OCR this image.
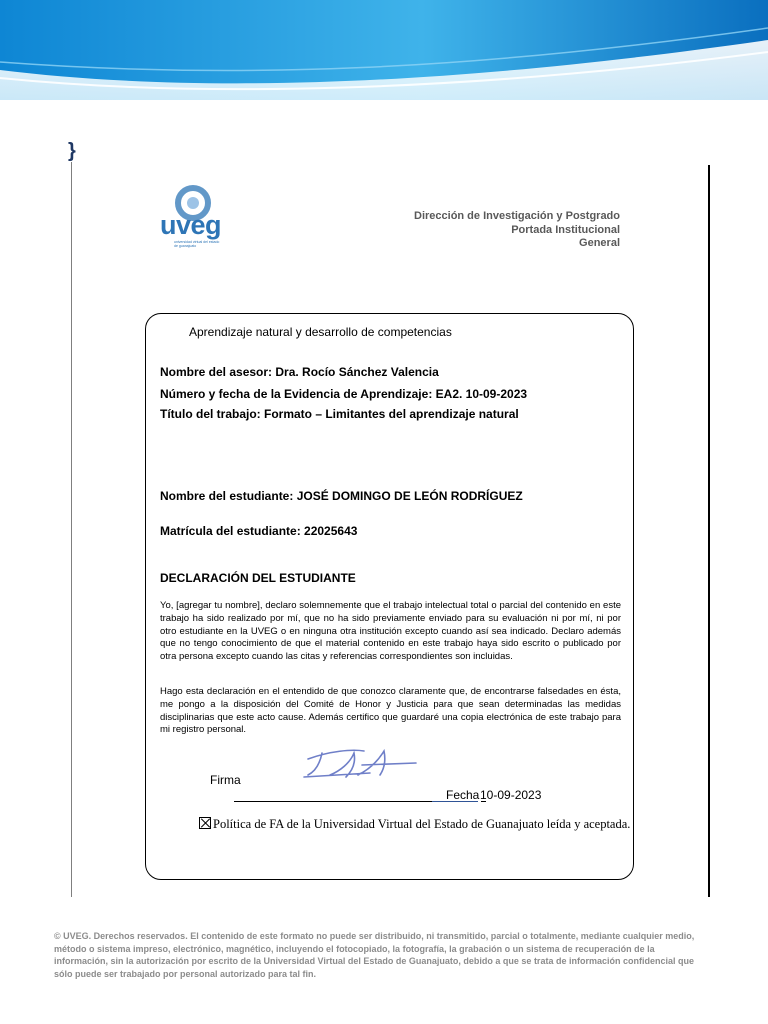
}
uveg
universidad virtual del estado de guanajuato
Dirección de Investigación y Postgrado
Portada Institucional
General
Aprendizaje natural y desarrollo de competencias
Nombre del asesor: Dra. Rocío Sánchez Valencia
Número y fecha de la Evidencia de Aprendizaje: EA2. 10-09-2023
Título del trabajo: Formato – Limitantes del aprendizaje natural
Nombre del estudiante: JOSÉ DOMINGO DE LEÓN RODRÍGUEZ
Matrícula del estudiante: 22025643
DECLARACIÓN DEL ESTUDIANTE
Yo, [agregar tu nombre], declaro solemnemente que el trabajo intelectual total o parcial del contenido en este trabajo ha sido realizado por mí, que no ha sido previamente enviado para su evaluación ni por mí, ni por otro estudiante en la UVEG o en ninguna otra institución excepto cuando así sea indicado. Declaro además que no tengo conocimiento de que el material contenido en este trabajo haya sido escrito o publicado por otra persona excepto cuando las citas y referencias correspondientes son incluidas.
Hago esta declaración en el entendido de que conozco claramente que, de encontrarse falsedades en ésta, me pongo a la disposición del Comité de Honor y Justicia para que sean determinadas las medidas disciplinarias que este acto cause. Además certifico que guardaré una copia electrónica de este trabajo para mi registro personal.
Firma
Fecha 10-09-2023
Política de FA de la Universidad Virtual del Estado de Guanajuato leída y aceptada.
© UVEG. Derechos reservados. El contenido de este formato no puede ser distribuido, ni transmitido, parcial o totalmente, mediante cualquier medio, método o sistema impreso, electrónico, magnético, incluyendo el fotocopiado, la fotografía, la grabación o un sistema de recuperación de la información, sin la autorización por escrito de la Universidad Virtual del Estado de Guanajuato, debido a que se trata de información confidencial que sólo puede ser trabajado por personal autorizado para tal fin.
